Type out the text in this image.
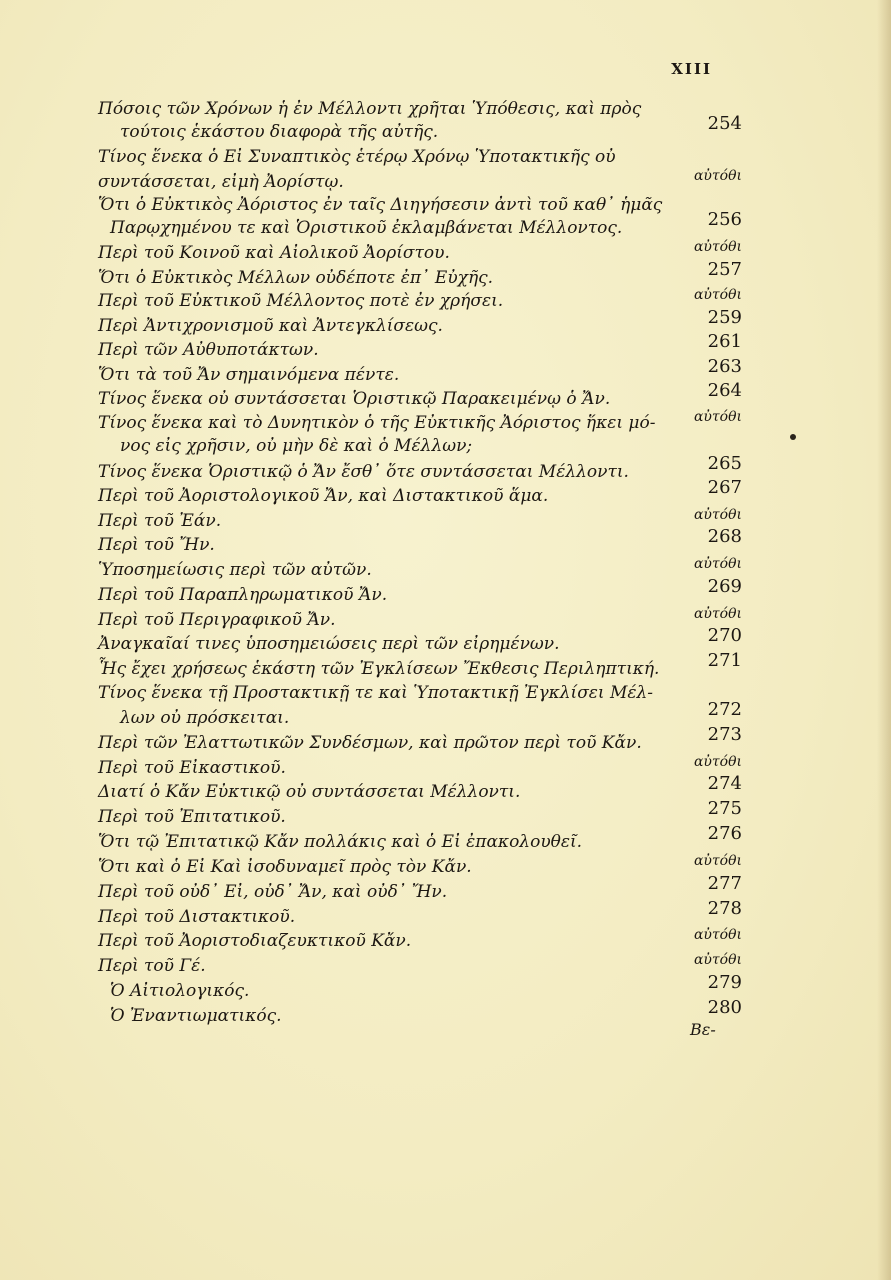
XIII
Πόσοις τῶν Χρόνων ἡ ἐν Μέλλοντι χρῆται Ὑπόθεσις, καὶ πρὸς
τούτοις ἑκάστου διαφορὰ τῆς αὐτῆς.	254
Τίνος ἕνεκα ὁ Εἰ Συναπτικὸς ἑτέρῳ Χρόνῳ Ὑποτακτικῆς οὐ
συντάσσεται, εἰμὴ Ἀορίστῳ.	αὐτόθι
Ὅτι ὁ Εὐκτικὸς Ἀόριστος ἐν ταῖς Διηγήσεσιν ἀντὶ τοῦ καθ᾽ ἡμᾶς
Παρῳχημένου τε καὶ Ὁριστικοῦ ἐκλαμβάνεται Μέλλοντος.	256
Περὶ τοῦ Κοινοῦ καὶ Αἰολικοῦ Ἀορίστου.	αὐτόθι
Ὅτι ὁ Εὐκτικὸς Μέλλων οὐδέποτε ἐπ᾽ Εὐχῆς.	257
Περὶ τοῦ Εὐκτικοῦ Μέλλοντος ποτὲ ἐν χρήσει.	αὐτόθι
Περὶ Ἀντιχρονισμοῦ καὶ Ἀντεγκλίσεως.	259
Περὶ τῶν Αὐθυποτάκτων.	261
Ὅτι τὰ τοῦ Ἄν σημαινόμενα πέντε.	263
Τίνος ἕνεκα οὐ συντάσσεται Ὁριστικῷ Παρακειμένῳ ὁ Ἄν.	264
Τίνος ἕνεκα καὶ τὸ Δυνητικὸν ὁ τῆς Εὐκτικῆς Ἀόριστος ἥκει μό-	αὐτόθι
νος εἰς χρῆσιν, οὐ μὴν δὲ καὶ ὁ Μέλλων;
Τίνος ἕνεκα Ὁριστικῷ ὁ Ἄν ἔσθ᾽ ὅτε συντάσσεται Μέλλοντι.	265
Περὶ τοῦ Ἀοριστολογικοῦ Ἄν, καὶ Διστακτικοῦ ἅμα.	267
Περὶ τοῦ Ἐάν.	αὐτόθι
Περὶ τοῦ Ἤν.	268
Ὑποσημείωσις περὶ τῶν αὐτῶν.	αὐτόθι
Περὶ τοῦ Παραπληρωματικοῦ Ἄν.	269
Περὶ τοῦ Περιγραφικοῦ Ἄν.	αὐτόθι
Ἀναγκαῖαί τινες ὑποσημειώσεις περὶ τῶν εἰρημένων.	270
Ἧς ἔχει χρήσεως ἑκάστη τῶν Ἐγκλίσεων Ἔκθεσις Περιληπτική.	271
Τίνος ἕνεκα τῇ Προστακτικῇ τε καὶ Ὑποτακτικῇ Ἐγκλίσει Μέλ-
λων οὐ πρόσκειται.	272
Περὶ τῶν Ἐλαττωτικῶν Συνδέσμων, καὶ πρῶτον περὶ τοῦ Κἄν.	273
Περὶ τοῦ Εἰκαστικοῦ.	αὐτόθι
Διατί ὁ Κἄν Εὐκτικῷ οὐ συντάσσεται Μέλλοντι.	274
Περὶ τοῦ Ἐπιτατικοῦ.	275
Ὅτι τῷ Ἐπιτατικῷ Κἄν πολλάκις καὶ ὁ Εἰ ἐπακολουθεῖ.	276
Ὅτι καὶ ὁ Εἰ Καὶ ἰσοδυναμεῖ πρὸς τὸν Κἄν.	αὐτόθι
Περὶ τοῦ οὐδ᾽ Εἰ, οὐδ᾽ Ἄν, καὶ οὐδ᾽ Ἤν.	277
Περὶ τοῦ Διστακτικοῦ.	278
Περὶ τοῦ Ἀοριστοδιαζευκτικοῦ Κἄν.	αὐτόθι
Περὶ τοῦ Γέ.	αὐτόθι
Ὁ Αἰτιολογικός.	279
Ὁ Ἐναντιωματικός.	280
Βε-
